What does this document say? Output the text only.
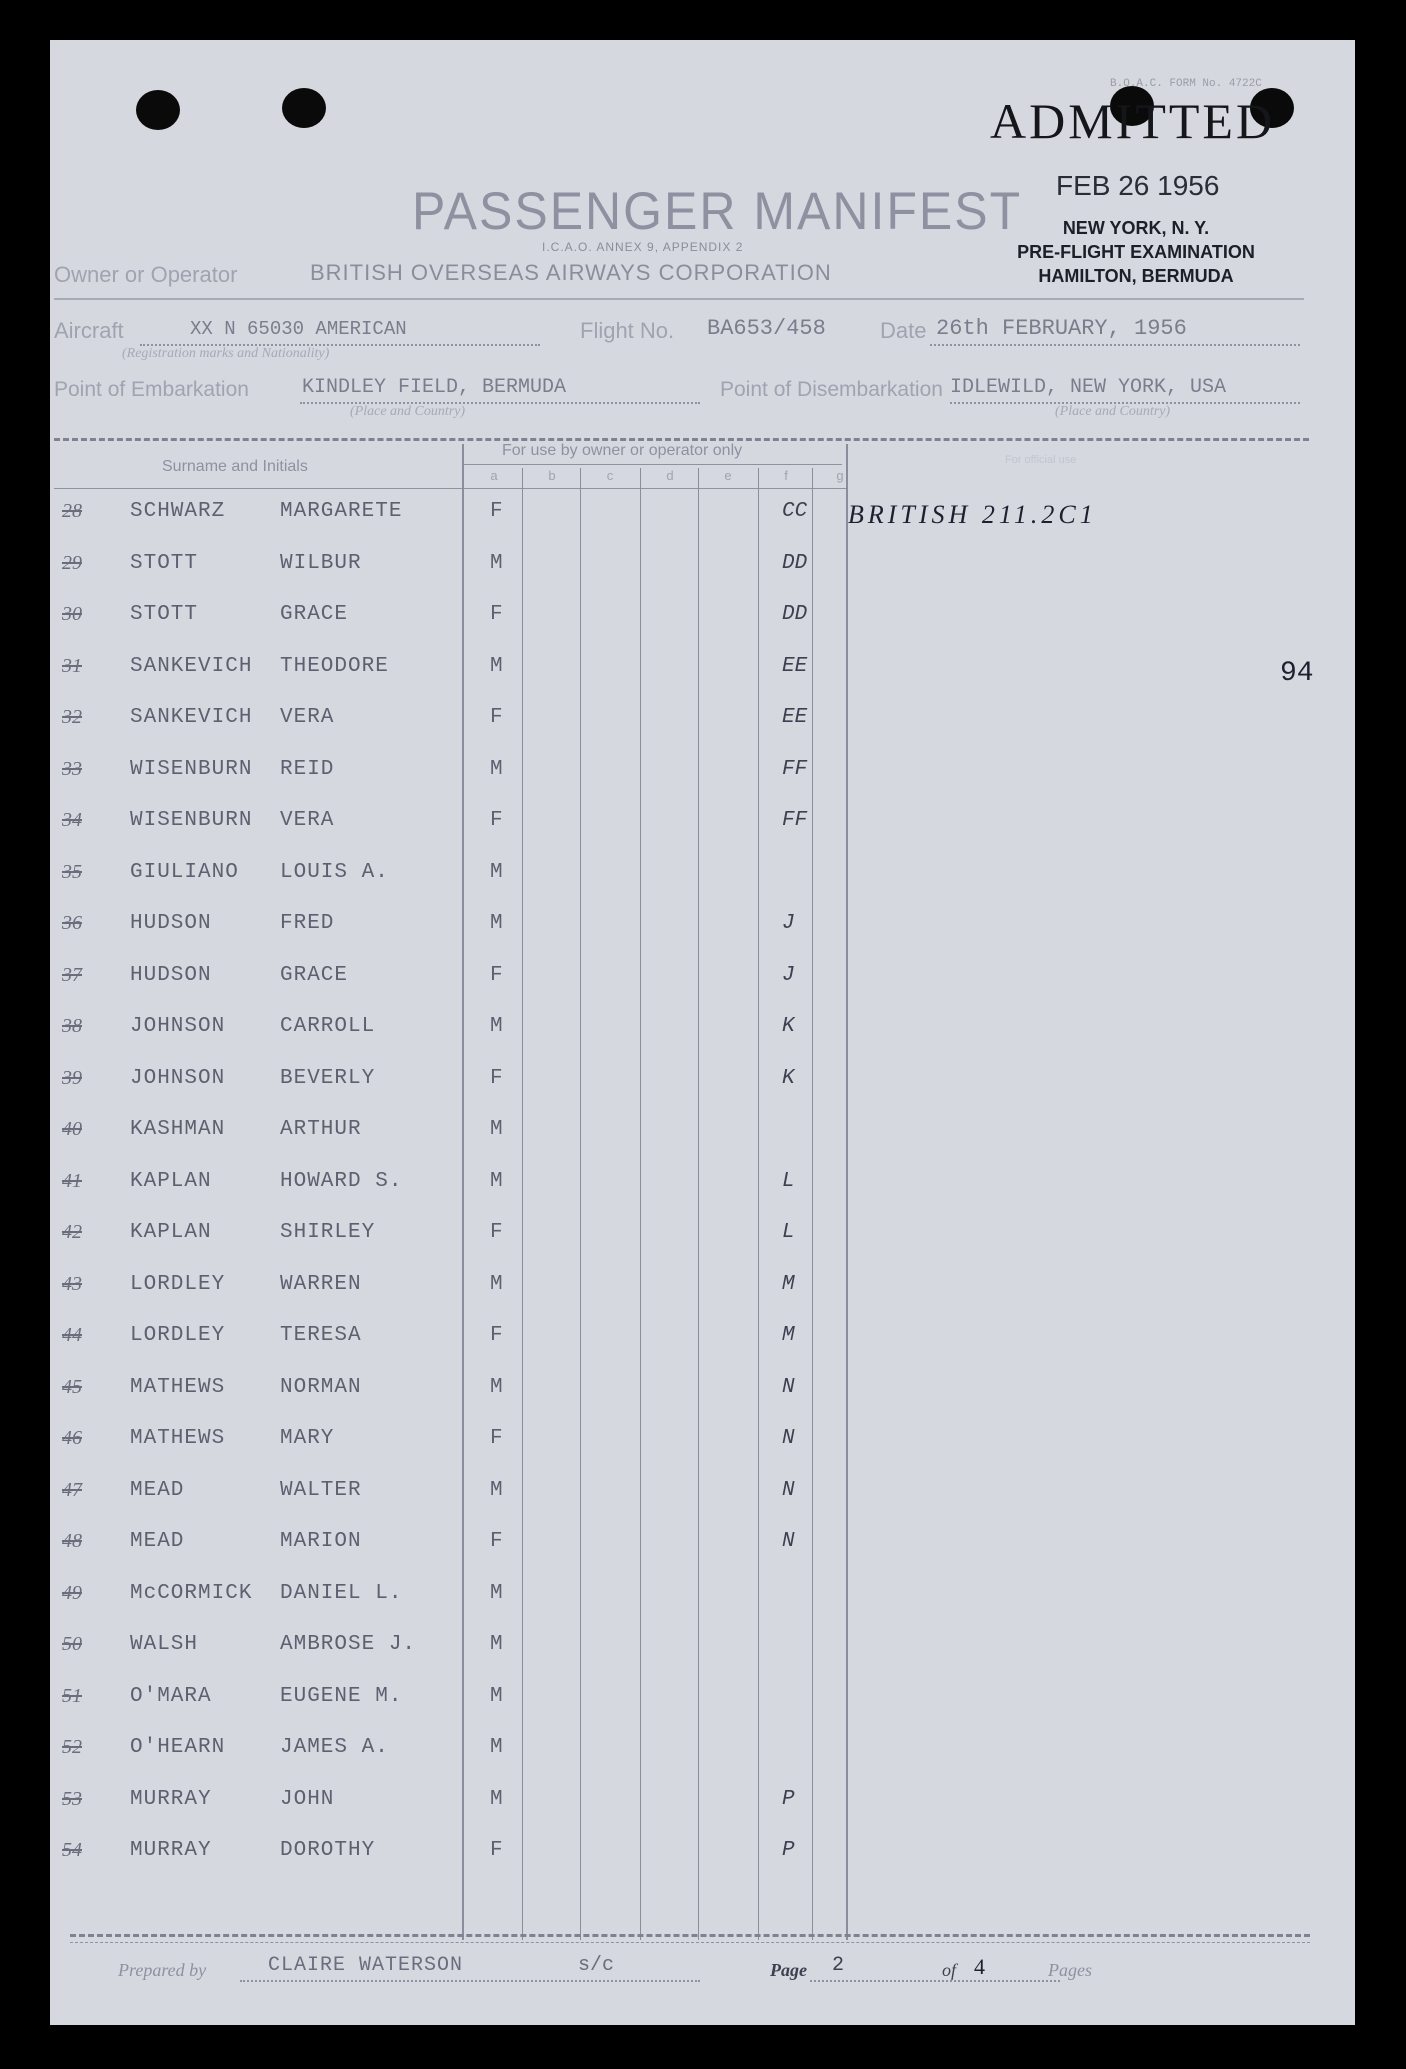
B.O.A.C. FORM No. 4722C
ADMITTED
FEB 26 1956
NEW YORK, N. Y.
PRE-FLIGHT EXAMINATION
HAMILTON, BERMUDA
PASSENGER MANIFEST
I.C.A.O. ANNEX 9, APPENDIX 2
Owner or Operator	BRITISH OVERSEAS AIRWAYS CORPORATION
Aircraft	XX N 65030 AMERICAN
(Registration marks and Nationality)
Flight No. BA653/458 Date 26th FEBRUARY, 1956
Point of Embarkation	KINDLEY FIELD, BERMUDA
(Place and Country)
Point of Disembarkation IDLEWILD, NEW YORK, USA
(Place and Country)
Surname and Initials
For use by owner or operator only
For official use
a	b	c	d	e	f	g
94
28 SCHWARZ	MARGARETE	F	CC BRITISH 211.2C1
29 STOTT	WILBUR	M	DD
30 STOTT	GRACE	F	DD
31 SANKEVICH THEODORE	M	EE
32 SANKEVICH VERA	F	EE
33 WISENBURN REID	M	FF
34 WISENBURN VERA	F	FF
35 GIULIANO LOUIS A.	M
36 HUDSON	FRED	M	J
37 HUDSON	GRACE	F	J
38 JOHNSON	CARROLL	M	K
39 JOHNSON	BEVERLY	F	K
40 KASHMAN	ARTHUR	M
41 KAPLAN	HOWARD S.	M	L
42 KAPLAN	SHIRLEY	F	L
43 LORDLEY	WARREN	M	M
44 LORDLEY	TERESA	F	M
45 MATHEWS	NORMAN	M	N
46 MATHEWS	MARY	F	N
47 MEAD	WALTER	M	N
48 MEAD	MARION	F	N
49 McCORMICK DANIEL L.	M
50 WALSH	AMBROSE J.	M
51 O'MARA	EUGENE M.	M
52 O'HEARN	JAMES A.	M
53 MURRAY	JOHN	M	P
54 MURRAY	DOROTHY	F	P
Prepared by	CLAIRE WATERSON	s/c	Page 2	of 4	Pages
